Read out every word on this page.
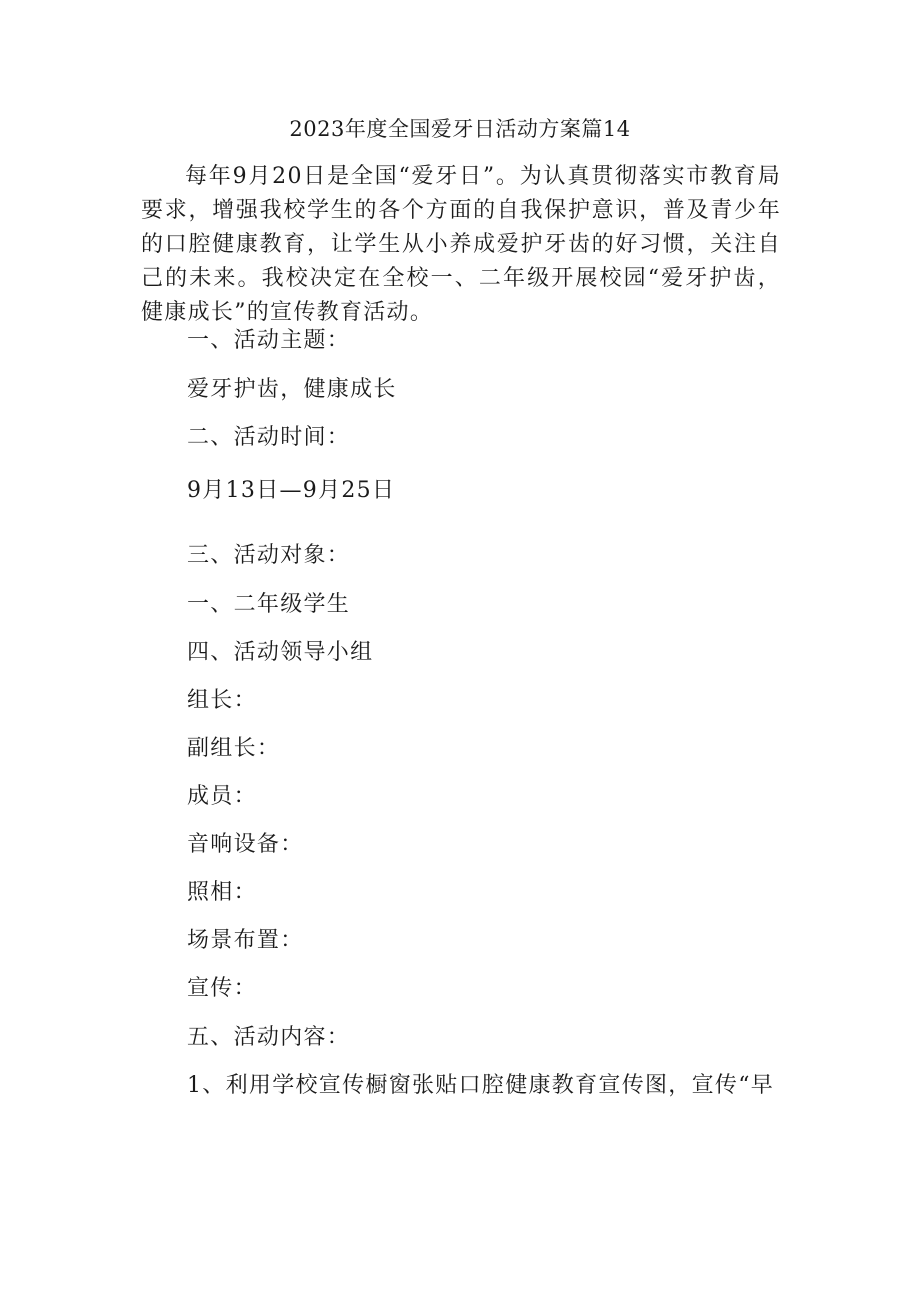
2023年度全国爱牙日活动方案篇14

每年9月20日是全国“爱牙日”。为认真贯彻落实市教育局要求，增强我校学生的各个方面的自我保护意识，普及青少年的口腔健康教育，让学生从小养成爱护牙齿的好习惯，关注自己的未来。我校决定在全校一、二年级开展校园“爱牙护齿，健康成长”的宣传教育活动。

一、活动主题：

爱牙护齿，健康成长

二、活动时间：

9月13日—9月25日

三、活动对象：

一、二年级学生

四、活动领导小组

组长：

副组长：

成员：

音响设备：

照相：

场景布置：

宣传：

五、活动内容：

1、利用学校宣传橱窗张贴口腔健康教育宣传图，宣传“早
